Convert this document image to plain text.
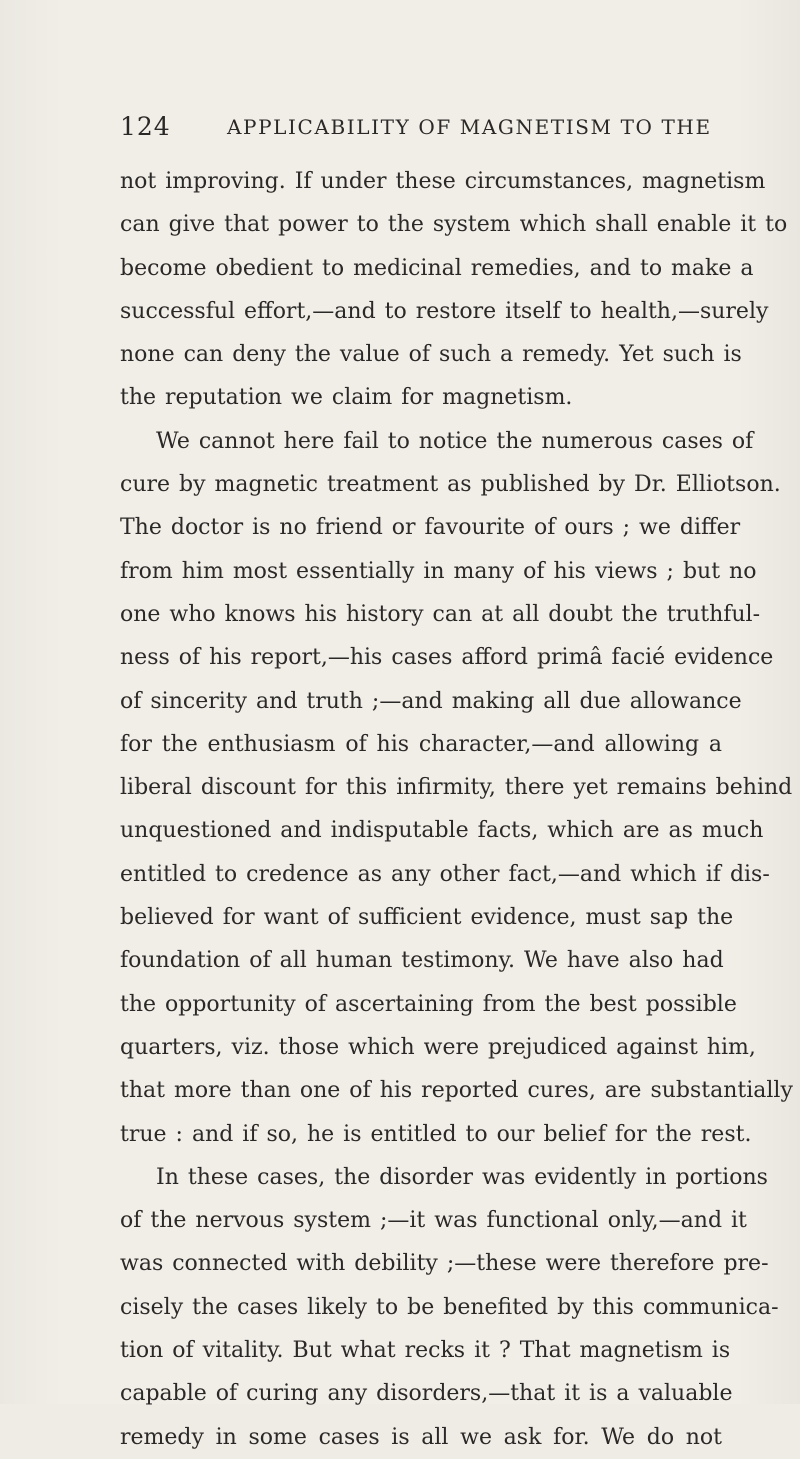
124	APPLICABILITY OF MAGNETISM TO THE
not improving. If under these circumstances, magnetism
can give that power to the system which shall enable it to
become obedient to medicinal remedies, and to make a
successful effort,—and to restore itself to health,—surely
none can deny the value of such a remedy. Yet such is
the reputation we claim for magnetism.
We cannot here fail to notice the numerous cases of
cure by magnetic treatment as published by Dr. Elliotson.
The doctor is no friend or favourite of ours ; we differ
from him most essentially in many of his views ; but no
one who knows his history can at all doubt the truthful-
ness of his report,—his cases afford primâ facié evidence
of sincerity and truth ;—and making all due allowance
for the enthusiasm of his character,—and allowing a
liberal discount for this infirmity, there yet remains behind
unquestioned and indisputable facts, which are as much
entitled to credence as any other fact,—and which if dis-
believed for want of sufficient evidence, must sap the
foundation of all human testimony. We have also had
the opportunity of ascertaining from the best possible
quarters, viz. those which were prejudiced against him,
that more than one of his reported cures, are substantially
true : and if so, he is entitled to our belief for the rest.
In these cases, the disorder was evidently in portions
of the nervous system ;—it was functional only,—and it
was connected with debility ;—these were therefore pre-
cisely the cases likely to be benefited by this communica-
tion of vitality. But what recks it ? That magnetism is
capable of curing any disorders,—that it is a valuable
remedy in some cases is all we ask for. We do not
